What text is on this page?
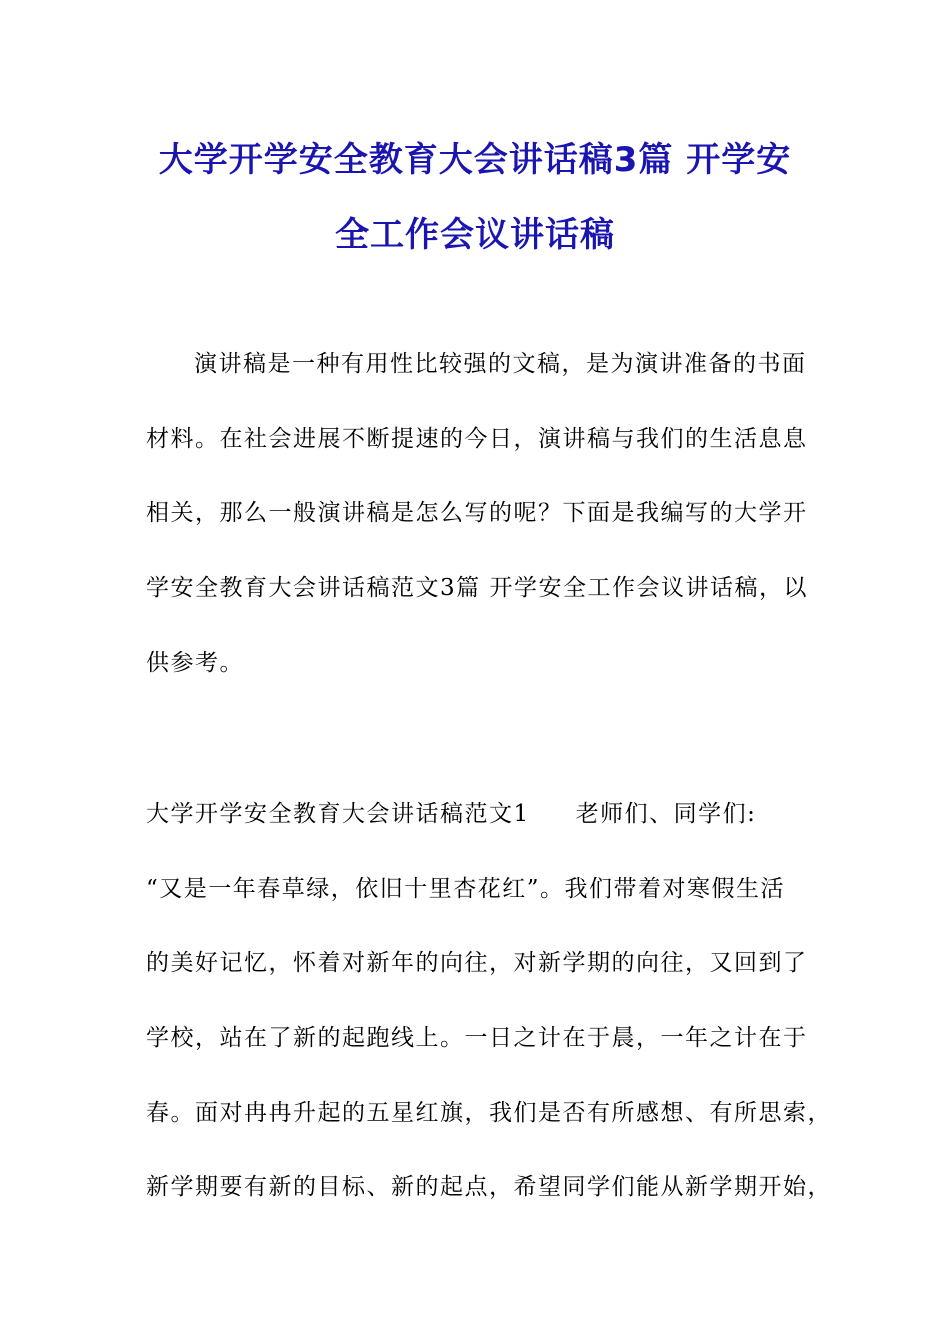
大学开学安全教育大会讲话稿3篇 开学安
全工作会议讲话稿
演讲稿是一种有用性比较强的文稿，是为演讲准备的书面
材料。在社会进展不断提速的今日，演讲稿与我们的生活息息
相关，那么一般演讲稿是怎么写的呢？下面是我编写的大学开
学安全教育大会讲话稿范文3篇 开学安全工作会议讲话稿，以
供参考。
大学开学安全教育大会讲话稿范文1 老师们、同学们:
“又是一年春草绿，依旧十里杏花红”。我们带着对寒假生活
的美好记忆，怀着对新年的向往，对新学期的向往，又回到了
学校，站在了新的起跑线上。一日之计在于晨，一年之计在于
春。面对冉冉升起的五星红旗，我们是否有所感想、有所思索，
新学期要有新的目标、新的起点，希望同学们能从新学期开始，
